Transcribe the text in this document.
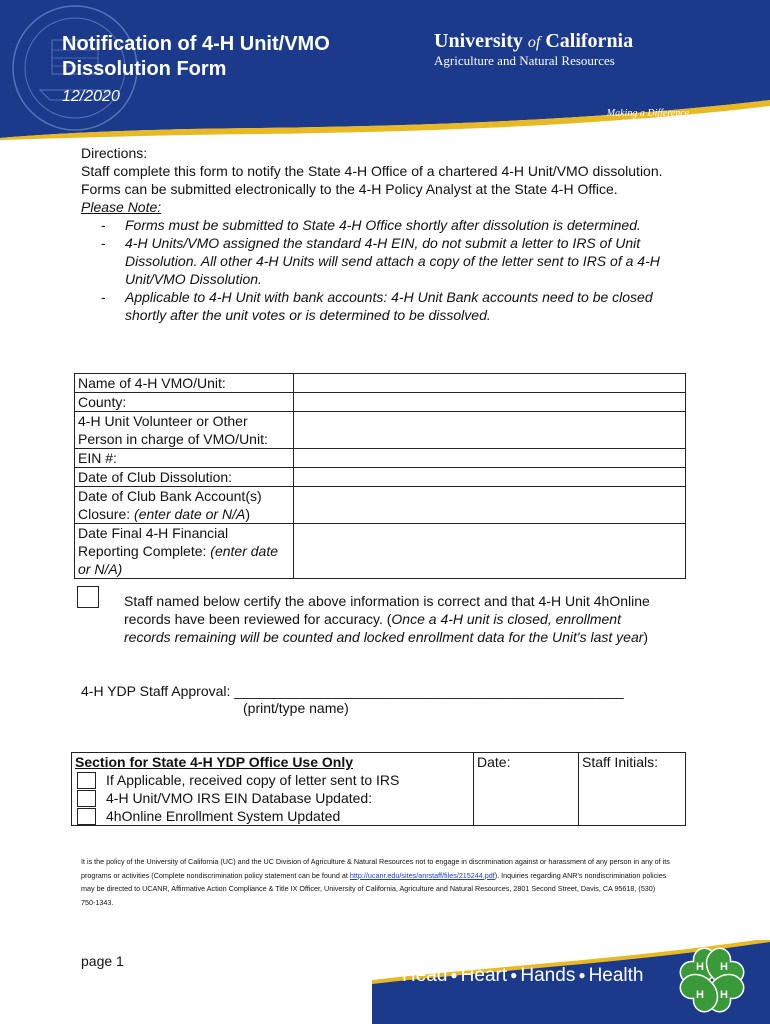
Notification of 4-H Unit/VMO
Dissolution Form
12/2020
University of California
Agriculture and Natural Resources
Making a Difference
for California
Directions:
Staff complete this form to notify the State 4-H Office of a chartered 4-H Unit/VMO dissolution. Forms can be submitted electronically to the 4-H Policy Analyst at the State 4-H Office.
Please Note:
- Forms must be submitted to State 4-H Office shortly after dissolution is determined.
- 4-H Units/VMO assigned the standard 4-H EIN, do not submit a letter to IRS of Unit Dissolution. All other 4-H Units will send attach a copy of the letter sent to IRS of a 4-H Unit/VMO Dissolution.
- Applicable to 4-H Unit with bank accounts: 4-H Unit Bank accounts need to be closed shortly after the unit votes or is determined to be dissolved.
Name of 4-H VMO/Unit:	
County:	
4-H Unit Volunteer or Other Person in charge of VMO/Unit:	
EIN #:	
Date of Club Dissolution:	
Date of Club Bank Account(s) Closure: (enter date or N/A)	
Date Final 4-H Financial Reporting Complete: (enter date or N/A)	
Staff named below certify the above information is correct and that 4-H Unit 4hOnline records have been reviewed for accuracy. (Once a 4-H unit is closed, enrollment records remaining will be counted and locked enrollment data for the Unit's last year)
4-H YDP Staff Approval: __________________________________________________
(print/type name)
Section for State 4-H YDP Office Use Only
If Applicable, received copy of letter sent to IRS
4-H Unit/VMO IRS EIN Database Updated:
4hOnline Enrollment System Updated
	Date:	Staff Initials:
It is the policy of the University of California (UC) and the UC Division of Agriculture & Natural Resources not to engage in discrimination against or harassment of any person in any of its programs or activities (Complete nondiscrimination policy statement can be found at http://ucanr.edu/sites/anrstaff/files/215244.pdf). Inquiries regarding ANR's nondiscrimination policies may be directed to UCANR, Affirmative Action Compliance & Title IX Officer, University of California, Agriculture and Natural Resources, 2801 Second Street, Davis, CA 95618, (530) 750-1343.
page 1
Head ● Heart ● Hands ● Health	H H
H H
